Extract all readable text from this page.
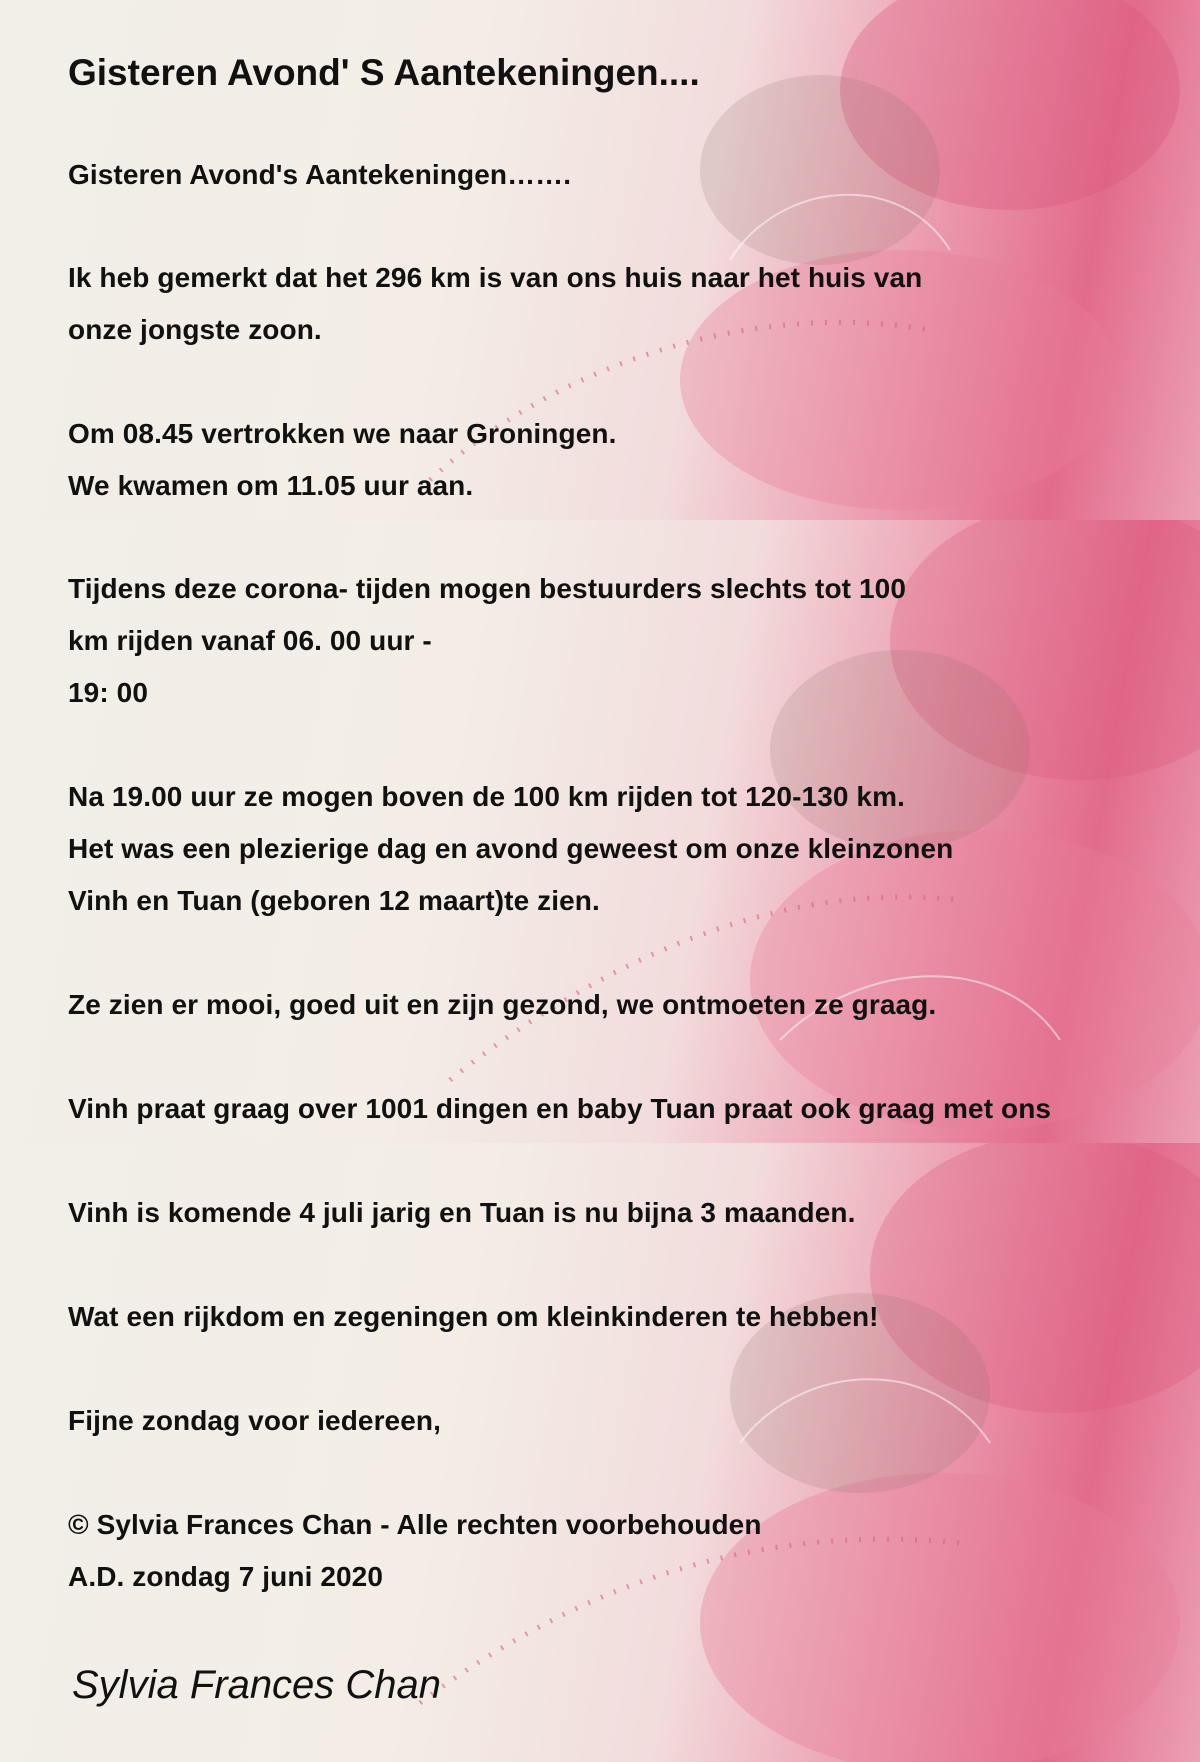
Gisteren Avond' S Aantekeningen....
Gisteren Avond's Aantekeningen…….
Ik heb gemerkt dat het 296 km is van ons huis naar het huis van
onze jongste zoon.
Om 08.45 vertrokken we naar Groningen.
We kwamen om 11.05 uur aan.
Tijdens deze corona- tijden mogen bestuurders slechts tot 100
km rijden vanaf 06. 00 uur -
19: 00
Na 19.00 uur ze mogen boven de 100 km rijden tot 120-130 km.
Het was een plezierige dag en avond geweest om onze kleinzonen
Vinh en Tuan (geboren 12 maart)te zien.
Ze zien er mooi, goed uit en zijn gezond, we ontmoeten ze graag.
Vinh praat graag over 1001 dingen en baby Tuan praat ook graag met ons
Vinh is komende 4 juli jarig en Tuan is nu bijna 3 maanden.
Wat een rijkdom en zegeningen om kleinkinderen te hebben!
Fijne zondag voor iedereen,
© Sylvia Frances Chan - Alle rechten voorbehouden
A.D. zondag 7 juni 2020
Sylvia Frances Chan
